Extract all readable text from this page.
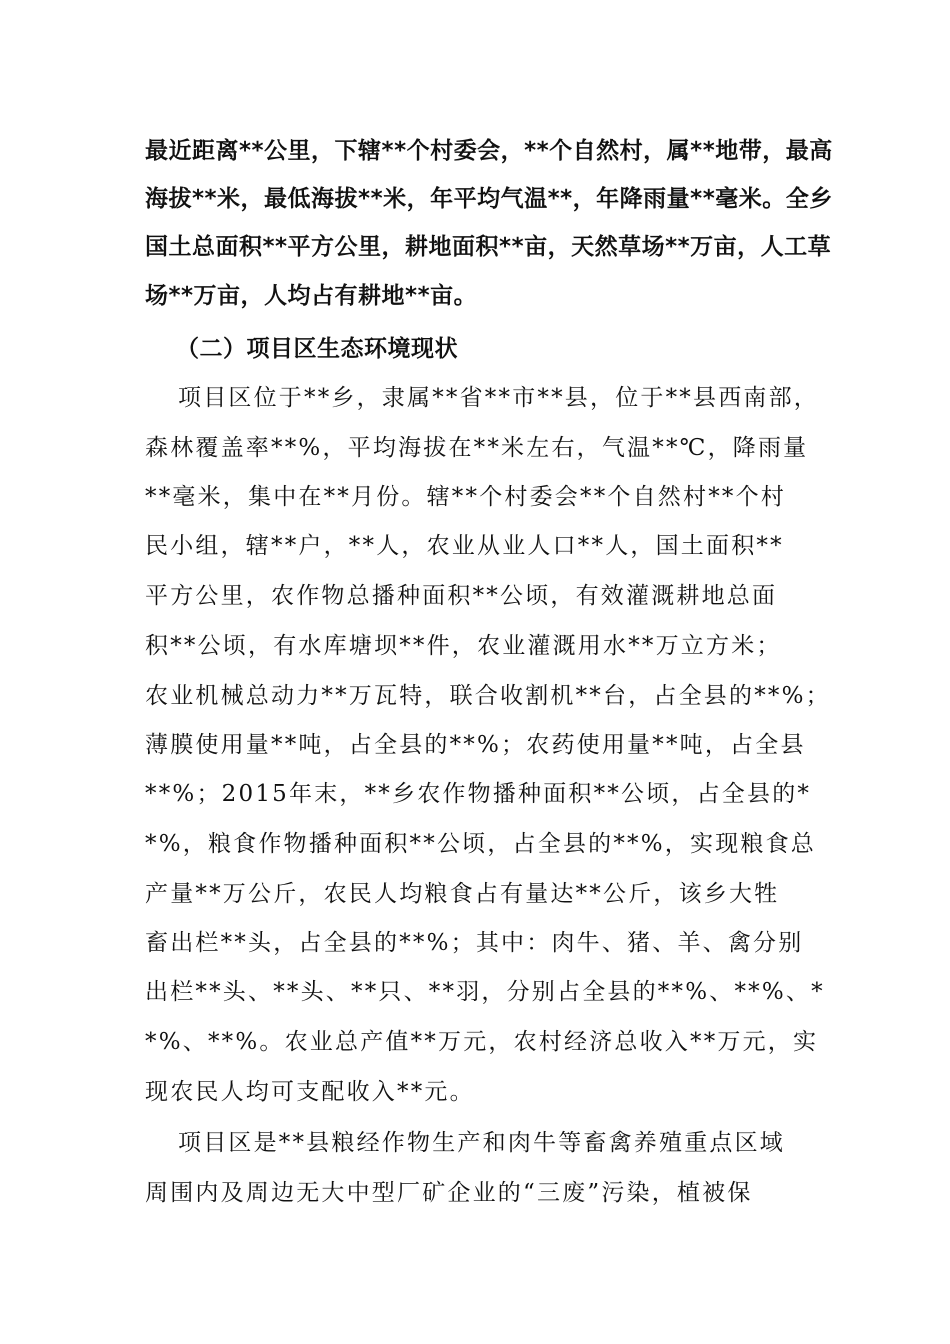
最近距离**公里，下辖**个村委会，**个自然村，属**地带，最高
海拔**米，最低海拔**米，年平均气温**，年降雨量**毫米。全乡
国土总面积**平方公里，耕地面积**亩，天然草场**万亩，人工草
场**万亩，人均占有耕地**亩。
（二）项目区生态环境现状
项目区位于**乡，隶属**省**市**县，位于**县西南部，
森林覆盖率**%，平均海拔在**米左右，气温**℃，降雨量
**毫米，集中在**月份。辖**个村委会**个自然村**个村
民小组，辖**户，**人，农业从业人口**人，国土面积**
平方公里，农作物总播种面积**公顷，有效灌溉耕地总面
积**公顷，有水库塘坝**件，农业灌溉用水**万立方米；
农业机械总动力**万瓦特，联合收割机**台，占全县的**%；
薄膜使用量**吨，占全县的**%；农药使用量**吨，占全县
**%；2015年末，**乡农作物播种面积**公顷，占全县的*
*%，粮食作物播种面积**公顷，占全县的**%，实现粮食总
产量**万公斤，农民人均粮食占有量达**公斤，该乡大牲
畜出栏**头，占全县的**%；其中：肉牛、猪、羊、禽分别
出栏**头、**头、**只、**羽，分别占全县的**%、**%、*
*%、**%。农业总产值**万元，农村经济总收入**万元，实
现农民人均可支配收入**元。
项目区是**县粮经作物生产和肉牛等畜禽养殖重点区域
周围内及周边无大中型厂矿企业的“三废”污染，植被保
